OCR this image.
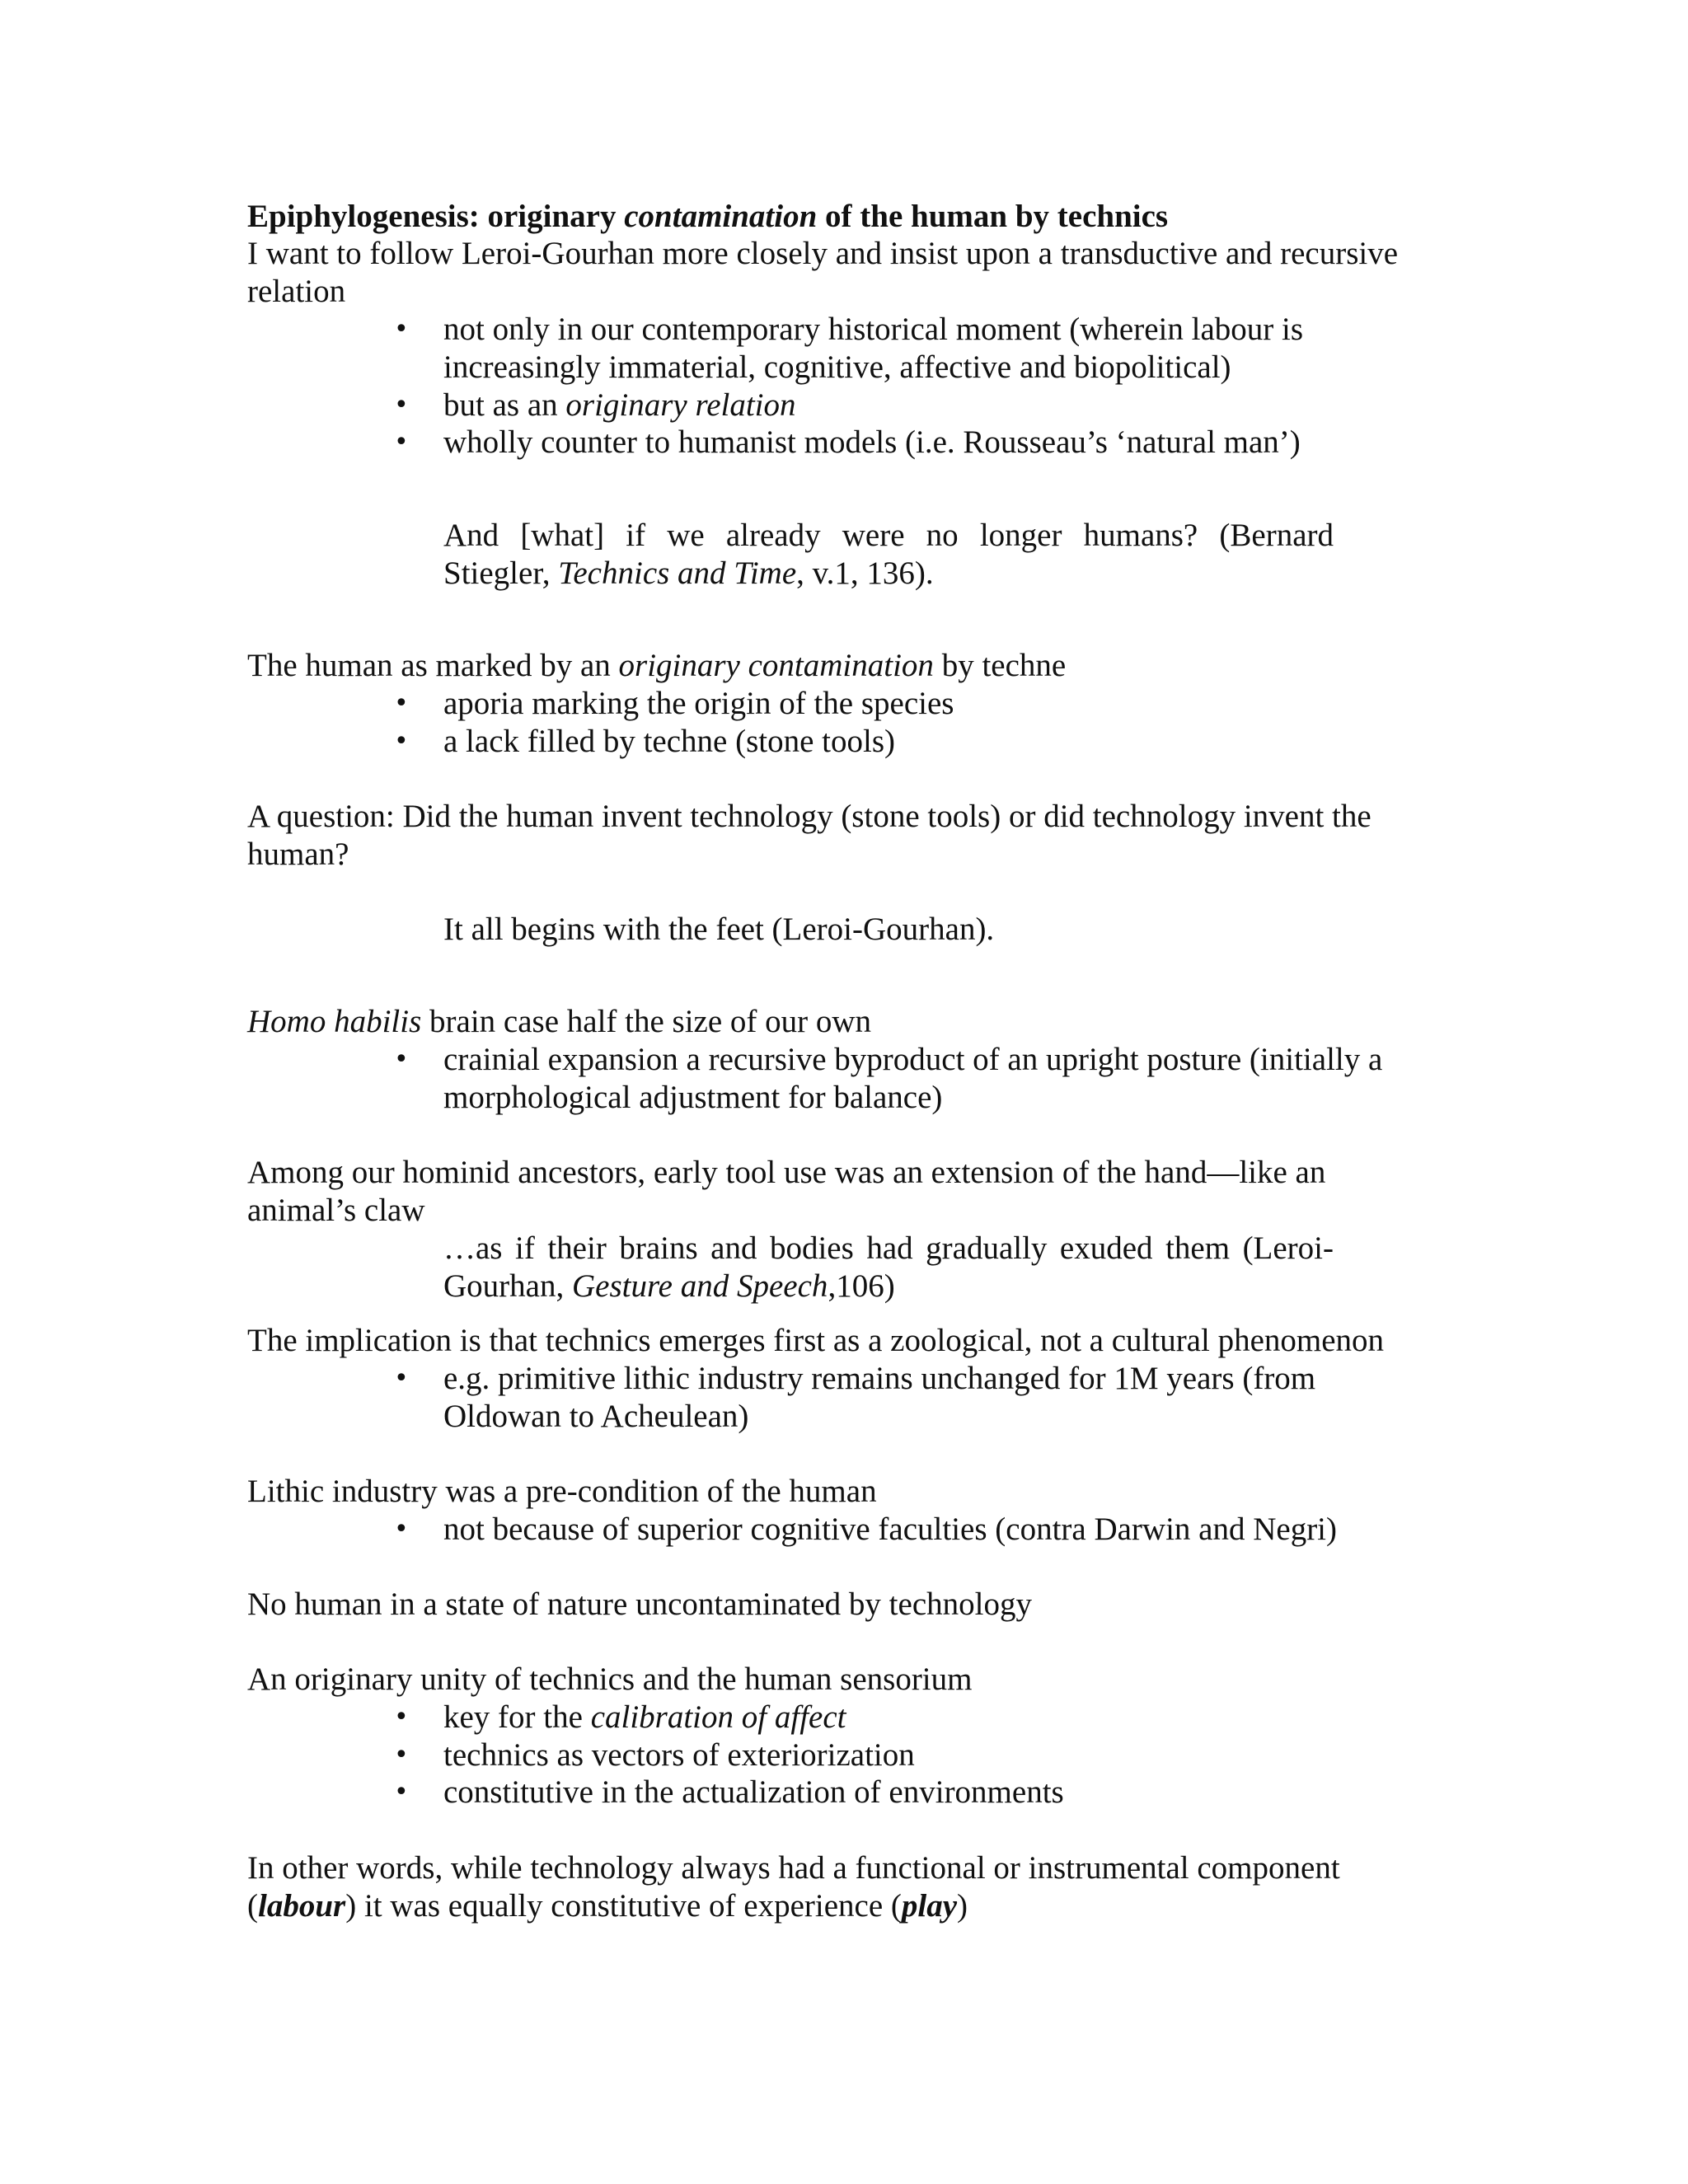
Epiphylogenesis: originary contamination of the human by technics
I want to follow Leroi-Gourhan more closely and insist upon a transductive and recursive
relation
• not only in our contemporary historical moment (wherein labour is
increasingly immaterial, cognitive, affective and biopolitical)
• but as an originary relation
• wholly counter to humanist models (i.e. Rousseau’s ‘natural man’)
And [what] if we already were no longer humans? (Bernard
Stiegler, Technics and Time, v.1, 136).
The human as marked by an originary contamination by techne
• aporia marking the origin of the species
• a lack filled by techne (stone tools)
A question: Did the human invent technology (stone tools) or did technology invent the
human?
It all begins with the feet (Leroi-Gourhan).
Homo habilis brain case half the size of our own
• crainial expansion a recursive byproduct of an upright posture (initially a
morphological adjustment for balance)
Among our hominid ancestors, early tool use was an extension of the hand—like an
animal’s claw
…as if their brains and bodies had gradually exuded them (Leroi-
Gourhan, Gesture and Speech,106)
The implication is that technics emerges first as a zoological, not a cultural phenomenon
• e.g. primitive lithic industry remains unchanged for 1M years (from
Oldowan to Acheulean)
Lithic industry was a pre-condition of the human
• not because of superior cognitive faculties (contra Darwin and Negri)
No human in a state of nature uncontaminated by technology
An originary unity of technics and the human sensorium
• key for the calibration of affect
• technics as vectors of exteriorization
• constitutive in the actualization of environments
In other words, while technology always had a functional or instrumental component
(labour) it was equally constitutive of experience (play)
